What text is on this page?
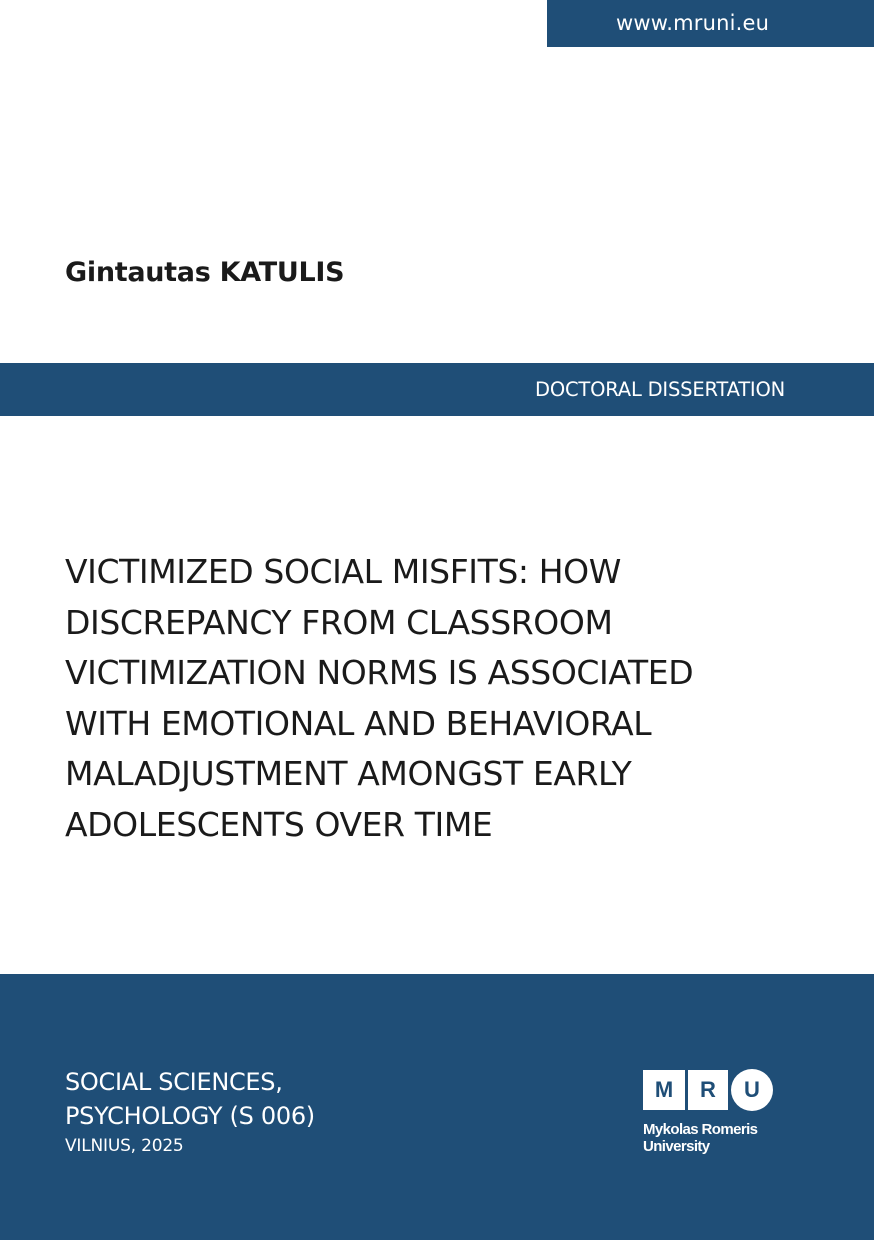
www.mruni.eu
Gintautas KATULIS
DOCTORAL DISSERTATION
VICTIMIZED SOCIAL MISFITS: HOW
DISCREPANCY FROM CLASSROOM
VICTIMIZATION NORMS IS ASSOCIATED
WITH EMOTIONAL AND BEHAVIORAL
MALADJUSTMENT AMONGST EARLY
ADOLESCENTS OVER TIME
SOCIAL SCIENCES,
PSYCHOLOGY (S 006)
VILNIUS, 2025
M	R	U
Mykolas Romeris
University
